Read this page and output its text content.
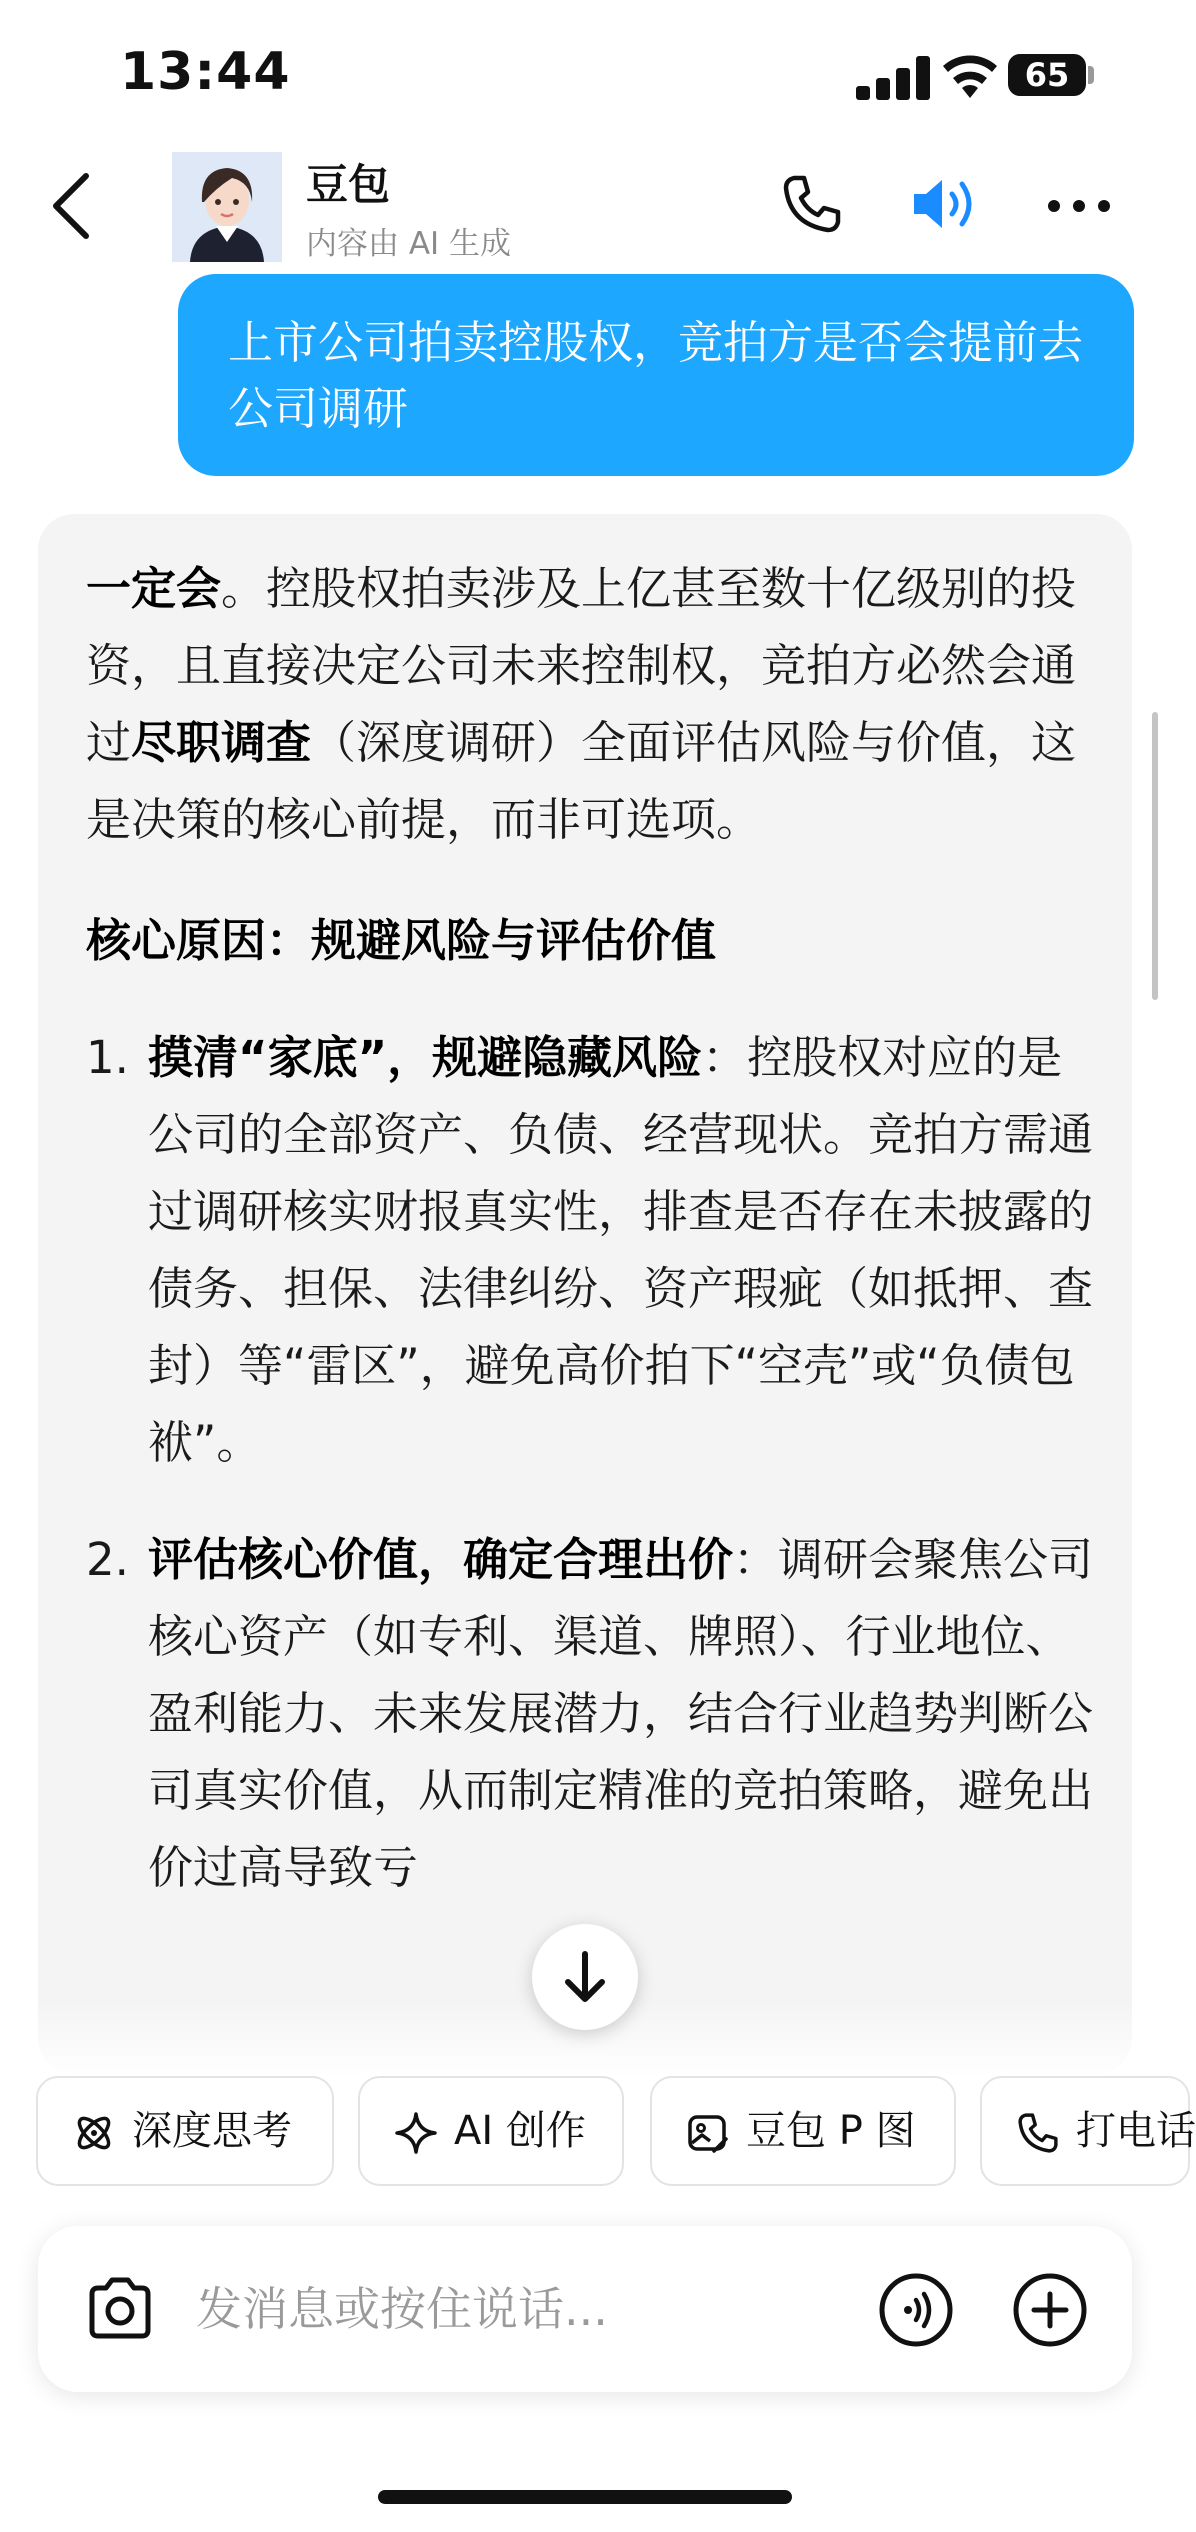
13:44	65
豆包
内容由 AI 生成
上市公司拍卖控股权，竞拍方是否会提前去公司调研

一定会。控股权拍卖涉及上亿甚至数十亿级别的投资，且直接决定公司未来控制权，竞拍方必然会通过尽职调查（深度调研）全面评估风险与价值，这是决策的核心前提，而非可选项。

核心原因：规避风险与评估价值

1. 摸清“家底”，规避隐藏风险：控股权对应的是公司的全部资产、负债、经营现状。竞拍方需通过调研核实财报真实性，排查是否存在未披露的债务、担保、法律纠纷、资产瑕疵（如抵押、查封）等“雷区”，避免高价拍下“空壳”或“负债包袱”。
2. 评估核心价值，确定合理出价：调研会聚焦公司核心资产（如专利、渠道、牌照）、行业地位、盈利能力、未来发展潜力，结合行业趋势判断公司真实价值，从而制定精准的竞拍策略，避免出价过高导致亏
深度思考	AI 创作	豆包 P 图	打电话
发消息或按住说话...
